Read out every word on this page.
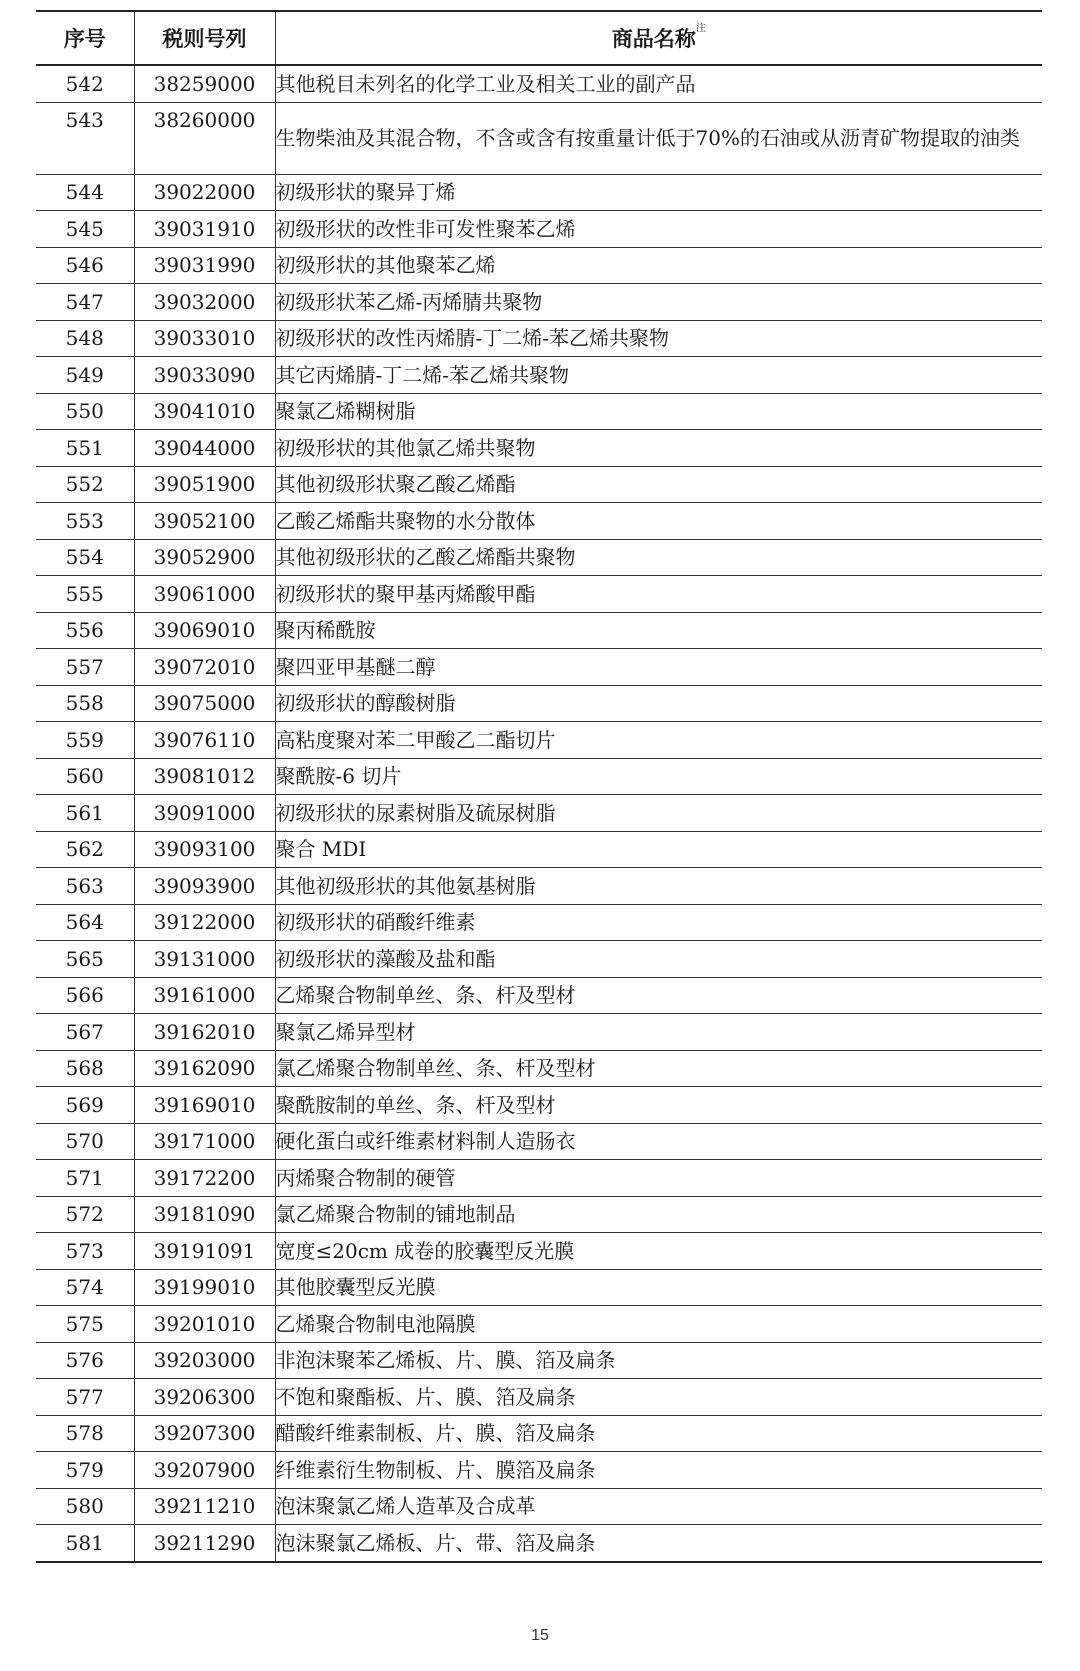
序号	税则号列	商品名称$^注$
542	38259000	其他税目未列名的化学工业及相关工业的副产品
543	38260000	生物柴油及其混合物，不含或含有按重量计低于70%的石油或从沥青矿物提取的油类
544	39022000	初级形状的聚异丁烯
545	39031910	初级形状的改性非可发性聚苯乙烯
546	39031990	初级形状的其他聚苯乙烯
547	39032000	初级形状苯乙烯-丙烯腈共聚物
548	39033010	初级形状的改性丙烯腈-丁二烯-苯乙烯共聚物
549	39033090	其它丙烯腈-丁二烯-苯乙烯共聚物
550	39041010	聚氯乙烯糊树脂
551	39044000	初级形状的其他氯乙烯共聚物
552	39051900	其他初级形状聚乙酸乙烯酯
553	39052100	乙酸乙烯酯共聚物的水分散体
554	39052900	其他初级形状的乙酸乙烯酯共聚物
555	39061000	初级形状的聚甲基丙烯酸甲酯
556	39069010	聚丙稀酰胺
557	39072010	聚四亚甲基醚二醇
558	39075000	初级形状的醇酸树脂
559	39076110	高粘度聚对苯二甲酸乙二酯切片
560	39081012	聚酰胺-6 切片
561	39091000	初级形状的尿素树脂及硫尿树脂
562	39093100	聚合 MDI
563	39093900	其他初级形状的其他氨基树脂
564	39122000	初级形状的硝酸纤维素
565	39131000	初级形状的藻酸及盐和酯
566	39161000	乙烯聚合物制单丝、条、杆及型材
567	39162010	聚氯乙烯异型材
568	39162090	氯乙烯聚合物制单丝、条、杆及型材
569	39169010	聚酰胺制的单丝、条、杆及型材
570	39171000	硬化蛋白或纤维素材料制人造肠衣
571	39172200	丙烯聚合物制的硬管
572	39181090	氯乙烯聚合物制的铺地制品
573	39191091	宽度≤20cm 成卷的胶囊型反光膜
574	39199010	其他胶囊型反光膜
575	39201010	乙烯聚合物制电池隔膜
576	39203000	非泡沫聚苯乙烯板、片、膜、箔及扁条
577	39206300	不饱和聚酯板、片、膜、箔及扁条
578	39207300	醋酸纤维素制板、片、膜、箔及扁条
579	39207900	纤维素衍生物制板、片、膜箔及扁条
580	39211210	泡沫聚氯乙烯人造革及合成革
581	39211290	泡沫聚氯乙烯板、片、带、箔及扁条
15
